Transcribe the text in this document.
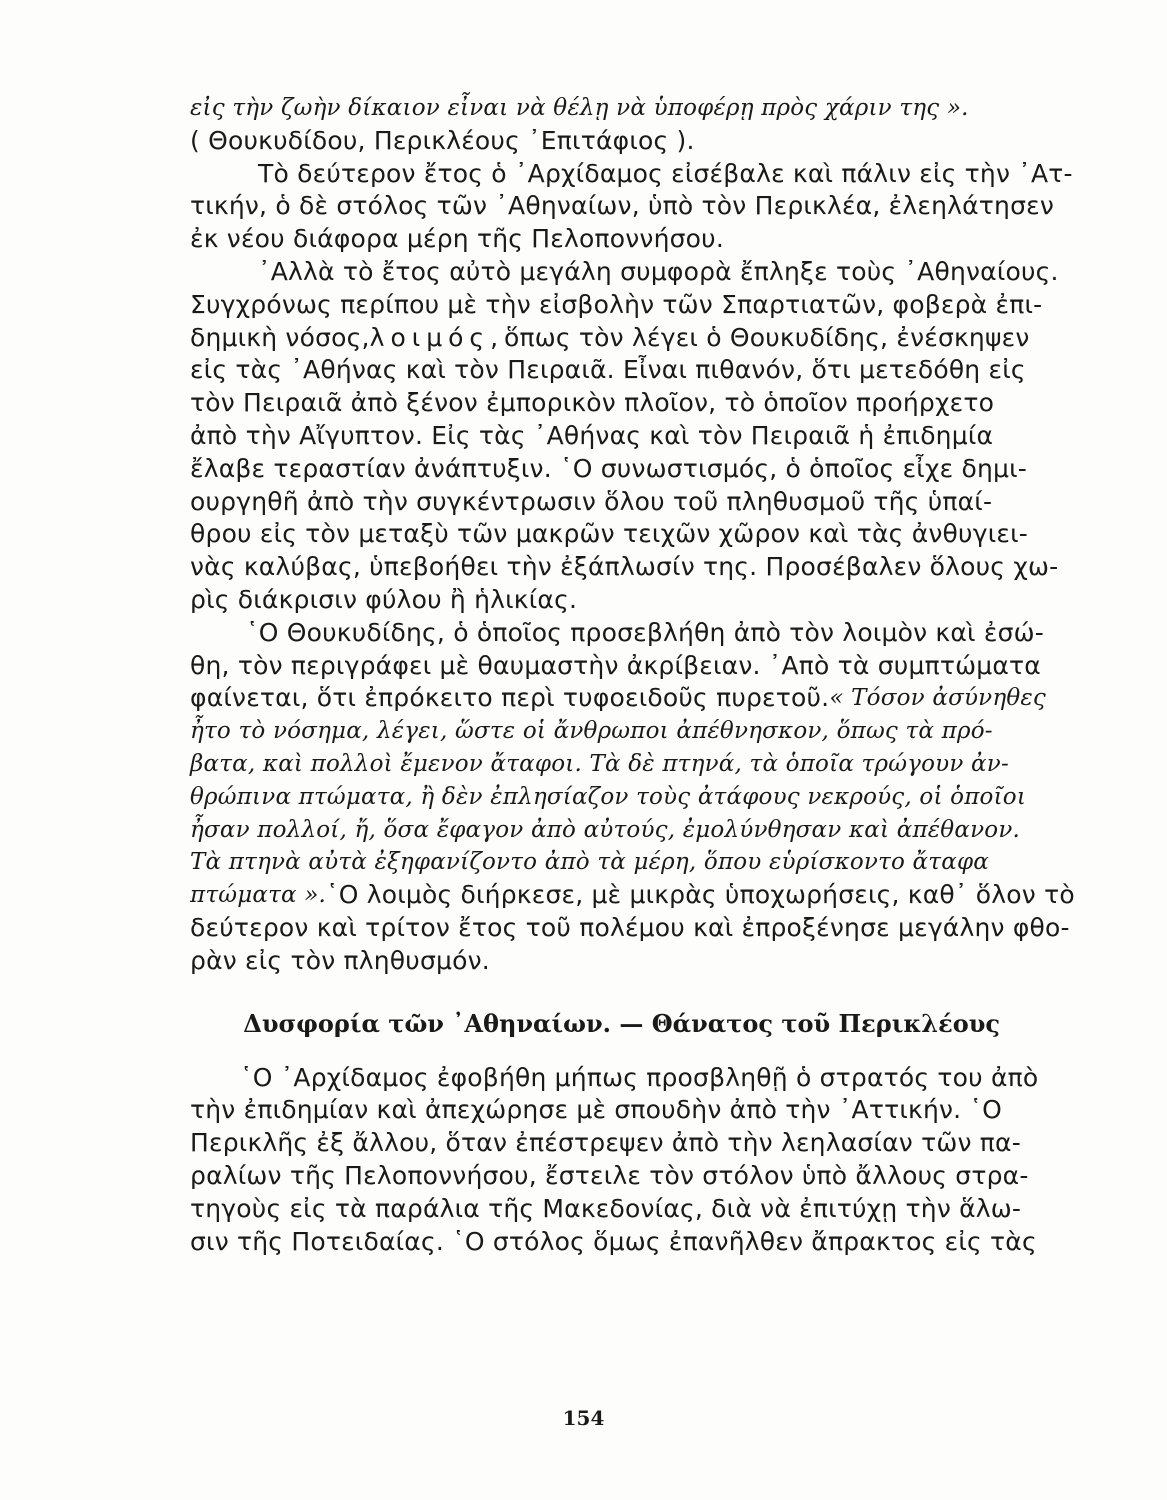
εἰς τὴν ζωὴν δίκαιον εἶναι νὰ θέλῃ νὰ ὑποφέρῃ πρὸς χάριν της ».
( Θουκυδίδου, Περικλέους ᾿Επιτάφιος ).
Τὸ δεύτερον ἔτος ὁ ᾿Αρχίδαμος εἰσέβαλε καὶ πάλιν εἰς τὴν ᾿Ατ-
τικήν, ὁ δὲ στόλος τῶν ᾿Αθηναίων, ὑπὸ τὸν Περικλέα, ἐλεηλάτησεν
ἐκ νέου διάφορα μέρη τῆς Πελοποννήσου.
᾿Αλλὰ τὸ ἔτος αὐτὸ μεγάλη συμφορὰ ἔπληξε τοὺς ᾿Αθηναίους.
Συγχρόνως περίπου μὲ τὴν εἰσβολὴν τῶν Σπαρτιατῶν, φοβερὰ ἐπι-
δημικὴ νόσος, λοιμός, ὅπως τὸν λέγει ὁ Θουκυδίδης, ἐνέσκηψεν
εἰς τὰς ᾿Αθήνας καὶ τὸν Πειραιᾶ. Εἶναι πιθανόν, ὅτι μετεδόθη εἰς
τὸν Πειραιᾶ ἀπὸ ξένον ἐμπορικὸν πλοῖον, τὸ ὁποῖον προήρχετο
ἀπὸ τὴν Αἴγυπτον. Εἰς τὰς ᾿Αθήνας καὶ τὸν Πειραιᾶ ἡ ἐπιδημία
ἔλαβε τεραστίαν ἀνάπτυξιν. ῾Ο συνωστισμός, ὁ ὁποῖος εἶχε δημι-
ουργηθῆ ἀπὸ τὴν συγκέντρωσιν ὅλου τοῦ πληθυσμοῦ τῆς ὑπαί-
θρου εἰς τὸν μεταξὺ τῶν μακρῶν τειχῶν χῶρον καὶ τὰς ἀνθυγιει-
νὰς καλύβας, ὑπεβοήθει τὴν ἐξάπλωσίν της. Προσέβαλεν ὅλους χω-
ρὶς διάκρισιν φύλου ἢ ἡλικίας.
῾Ο Θουκυδίδης, ὁ ὁποῖος προσεβλήθη ἀπὸ τὸν λοιμὸν καὶ ἐσώ-
θη, τὸν περιγράφει μὲ θαυμαστὴν ἀκρίβειαν. ᾿Απὸ τὰ συμπτώματα
φαίνεται, ὅτι ἐπρόκειτο περὶ τυφοειδοῦς πυρετοῦ. « Τόσον ἀσύνηθες
ἦτο τὸ νόσημα, λέγει, ὥστε οἱ ἄνθρωποι ἀπέθνησκον, ὅπως τὰ πρό-
βατα, καὶ πολλοὶ ἔμενον ἄταφοι. Τὰ δὲ πτηνά, τὰ ὁποῖα τρώγουν ἀν-
θρώπινα πτώματα, ἢ δὲν ἐπλησίαζον τοὺς ἀτάφους νεκρούς, οἱ ὁποῖοι
ἦσαν πολλοί, ἤ, ὅσα ἔφαγον ἀπὸ αὐτούς, ἐμολύνθησαν καὶ ἀπέθανον.
Τὰ πτηνὰ αὐτὰ ἐξηφανίζοντο ἀπὸ τὰ μέρη, ὅπου εὑρίσκοντο ἄταφα
πτώματα ». ῾Ο λοιμὸς διήρκεσε, μὲ μικρὰς ὑποχωρήσεις, καθ᾿ ὅλον τὸ
δεύτερον καὶ τρίτον ἔτος τοῦ πολέμου καὶ ἐπροξένησε μεγάλην φθο-
ρὰν εἰς τὸν πληθυσμόν.
Δυσφορία τῶν ᾿Αθηναίων. — Θάνατος τοῦ Περικλέους
῾Ο ᾿Αρχίδαμος ἐφοβήθη μήπως προσβληθῇ ὁ στρατός του ἀπὸ
τὴν ἐπιδημίαν καὶ ἀπεχώρησε μὲ σπουδὴν ἀπὸ τὴν ᾿Αττικήν. ῾Ο
Περικλῆς ἐξ ἄλλου, ὅταν ἐπέστρεψεν ἀπὸ τὴν λεηλασίαν τῶν πα-
ραλίων τῆς Πελοποννήσου, ἔστειλε τὸν στόλον ὑπὸ ἄλλους στρα-
τηγοὺς εἰς τὰ παράλια τῆς Μακεδονίας, διὰ νὰ ἐπιτύχῃ τὴν ἅλω-
σιν τῆς Ποτειδαίας. ῾Ο στόλος ὅμως ἐπανῆλθεν ἄπρακτος εἰς τὰς
154
